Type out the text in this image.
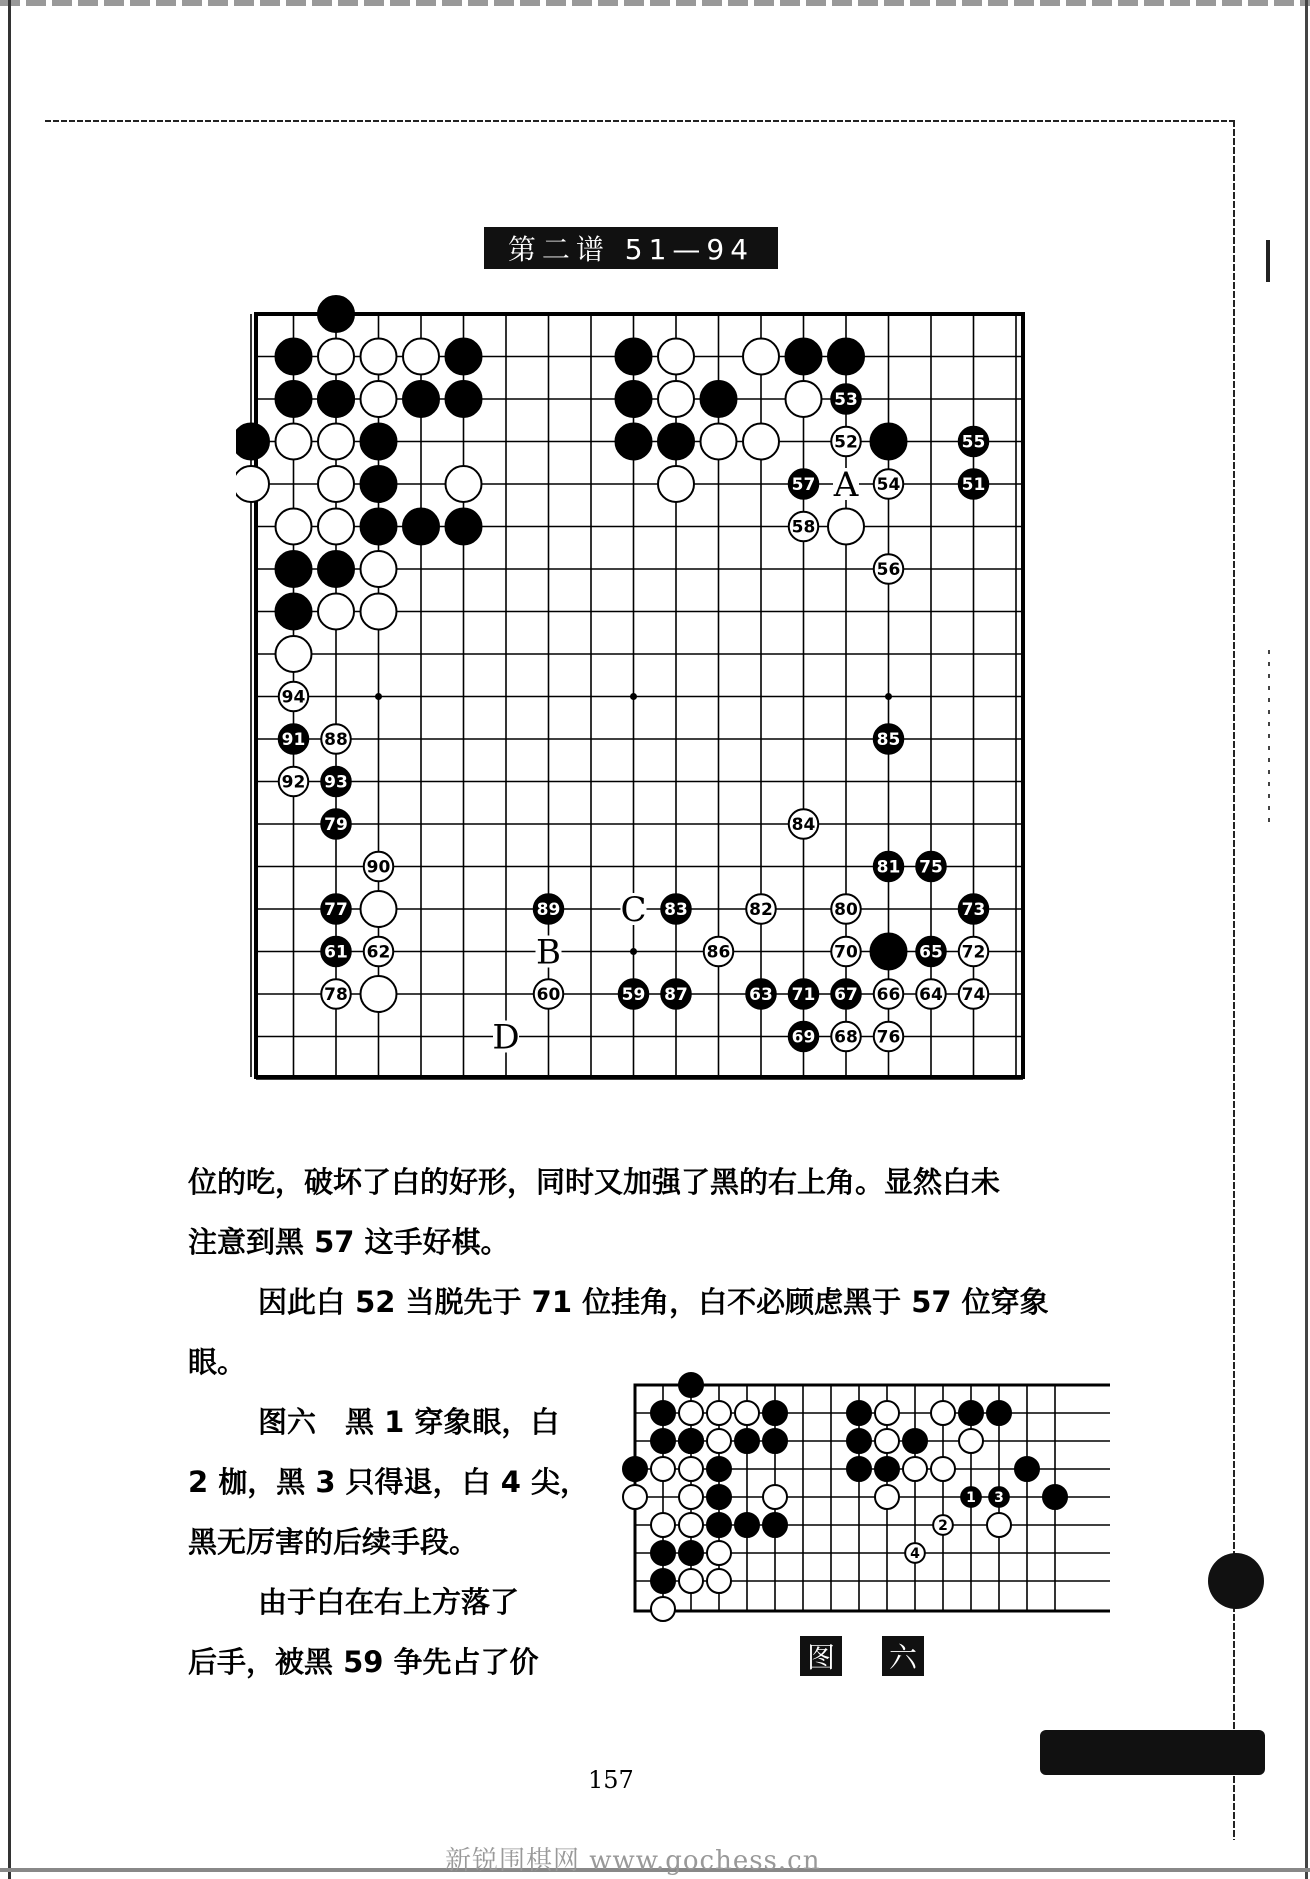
第二谱 51—94
51
53
55
57
59
61
63
65
67
69
71
73
75
77
79
81
83
85
87
89
91
93
52
54
56
58
60
62
64
66
68
70	72
74
76
78
80
82
84
86
88
90
92
94
A
B
C
D
位的吃，破坏了白的好形，同时又加强了黑的右上角。显然白未
注意到黑 57 这手好棋。
因此白 52 当脱先于 71 位挂角，白不必顾虑黑于 57 位穿象
眼。
图六　黑 1 穿象眼，白
2 枷，黑 3 只得退，白 4 尖，
黑无厉害的后续手段。
由于白在右上方落了
后手，被黑 59 争先占了价
1 3
2
4
图 六
157
新锐围棋网 www.gochess.cn
